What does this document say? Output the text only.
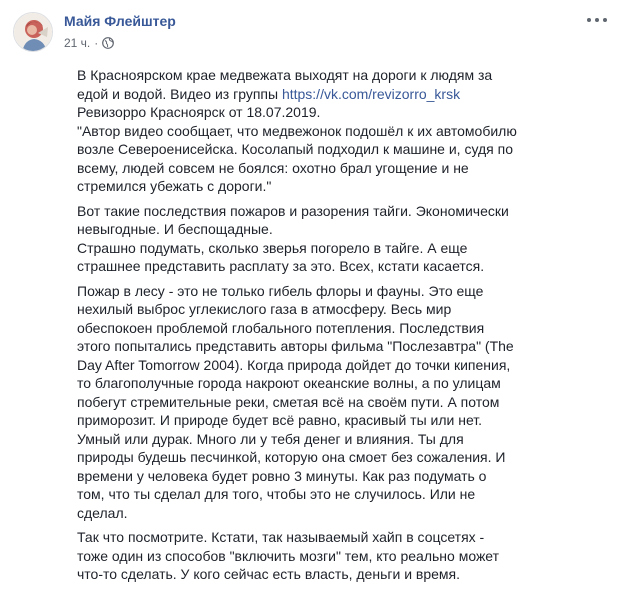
Майя Флейштер
21 ч. ·

В Красноярском крае медвежата выходят на дороги к людям за едой и водой. Видео из группы https://vk.com/revizorro_krsk Ревизорро Красноярск от 18.07.2019.
"Автор видео сообщает, что медвежонок подошёл к их автомобилю возле Североенисейска. Косолапый подходил к машине и, судя по всему, людей совсем не боялся: охотно брал угощение и не стремился убежать с дороги."

Вот такие последствия пожаров и разорения тайги. Экономически невыгодные. И беспощадные.
Страшно подумать, сколько зверья погорело в тайге. А еще страшнее представить расплату за это. Всех, кстати касается.

Пожар в лесу - это не только гибель флоры и фауны. Это еще нехилый выброс углекислого газа в атмосферу. Весь мир обеспокоен проблемой глобального потепления. Последствия этого попытались представить авторы фильма "Послезавтра" (The Day After Tomorrow 2004). Когда природа дойдет до точки кипения, то благополучные города накроют океанские волны, а по улицам побегут стремительные реки, сметая всё на своём пути. А потом приморозит. И природе будет всё равно, красивый ты или нет. Умный или дурак. Много ли у тебя денег и влияния. Ты для природы будешь песчинкой, которую она смоет без сожаления. И времени у человека будет ровно 3 минуты. Как раз подумать о том, что ты сделал для того, чтобы это не случилось. Или не сделал.

Так что посмотрите. Кстати, так называемый хайп в соцсетях - тоже один из способов "включить мозги" тем, кто реально может что-то сделать. У кого сейчас есть власть, деньги и время.
